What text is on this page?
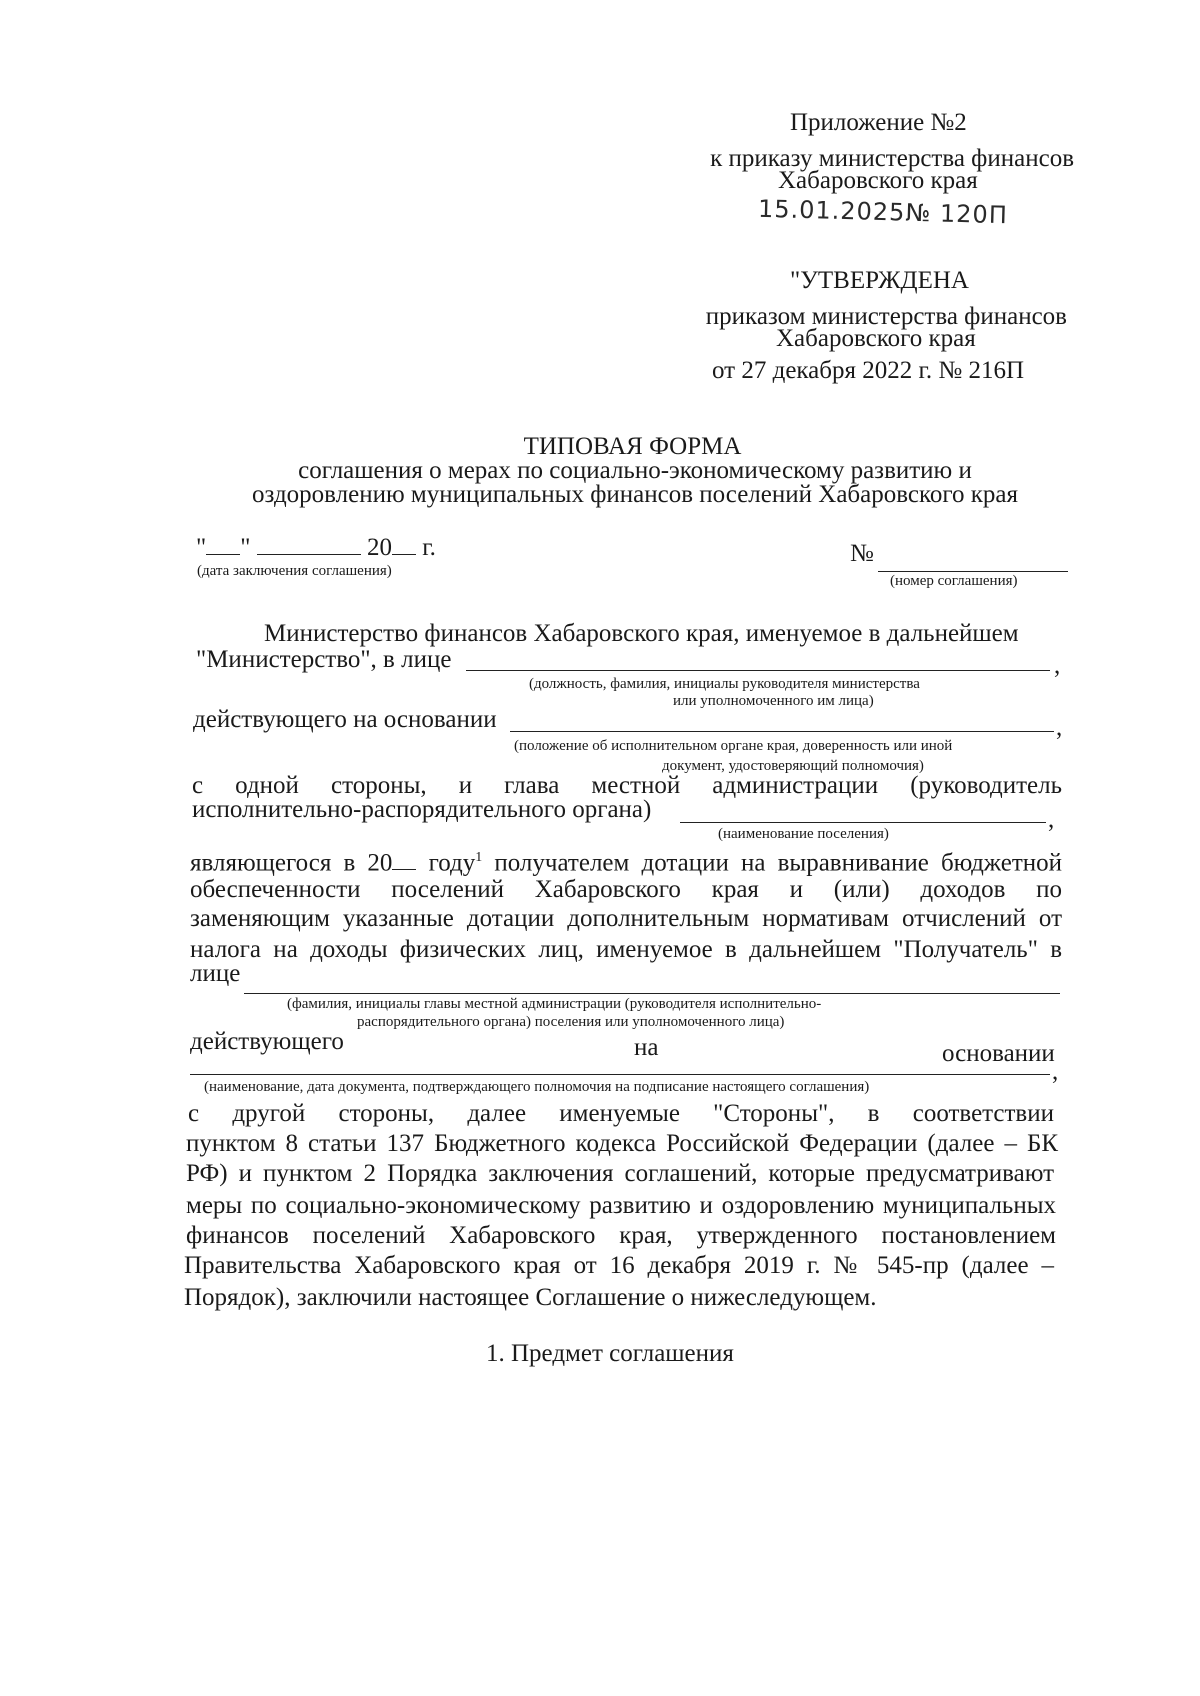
Приложение №2
к приказу министерства финансов
Хабаровского края
15.01.2025№ 120П
"УТВЕРЖДЕНА
приказом министерства финансов
Хабаровского края
от 27 декабря 2022 г. № 216П
ТИПОВАЯ ФОРМА
соглашения о мерах по социально-экономическому развитию и
оздоровлению муниципальных финансов поселений Хабаровского края
" "	20 г.
(дата заключения соглашения)
№
(номер соглашения)
Министерство финансов Хабаровского края, именуемое в дальнейшем
"Министерство", в лице	,
(должность, фамилия, инициалы руководителя министерства
или уполномоченного им лица)
действующего на основании	,
(положение об исполнительном органе края, доверенность или иной
документ, удостоверяющий полномочия)
с одной стороны, и глава местной администрации (руководитель
исполнительно-распорядительного органа)	,
(наименование поселения)
являющегося в 20 году$^1$ получателем дотации на выравнивание бюджетной
обеспеченности поселений Хабаровского края и (или) доходов по
заменяющим указанные дотации дополнительным нормативам отчислений от
налога на доходы физических лиц, именуемое в дальнейшем "Получатель" в
лице
(фамилия, инициалы главы местной администрации (руководителя исполнительно-
распорядительного органа) поселения или уполномоченного лица)
действующего	на	основании
,
(наименование, дата документа, подтверждающего полномочия на подписание настоящего соглашения)
с другой стороны, далее именуемые "Стороны", в соответствии
пунктом 8 статьи 137 Бюджетного кодекса Российской Федерации (далее – БК
РФ) и пунктом 2 Порядка заключения соглашений, которые предусматривают
меры по социально-экономическому развитию и оздоровлению муниципальных
финансов поселений Хабаровского края, утвержденного постановлением
Правительства Хабаровского края от 16 декабря 2019 г. № 545-пр (далее –
Порядок), заключили настоящее Соглашение о нижеследующем.
1. Предмет соглашения
